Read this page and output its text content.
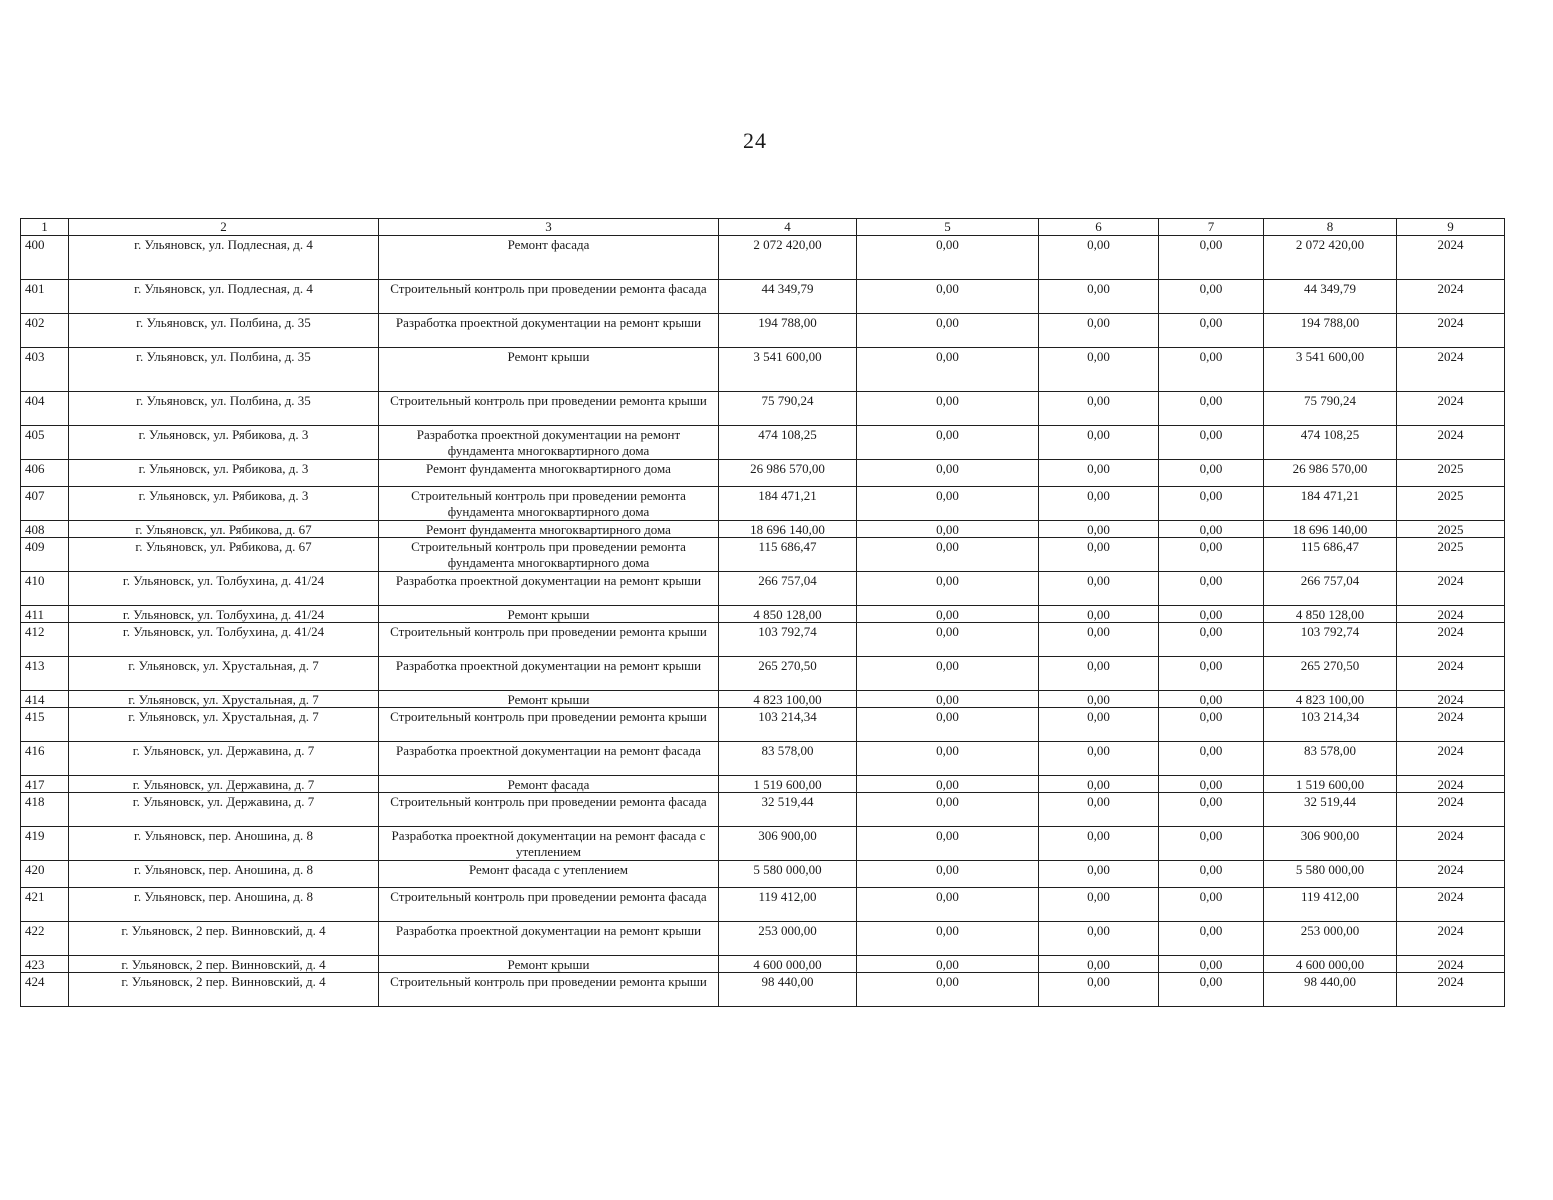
24
1	2	3	4	5	6	7	8	9
400	г. Ульяновск, ул. Подлесная, д. 4	Ремонт фасада	2 072 420,00	0,00	0,00	0,00	2 072 420,00	2024
401	г. Ульяновск, ул. Подлесная, д. 4	Строительный контроль при проведении ремонта фасада	44 349,79	0,00	0,00	0,00	44 349,79	2024
402	г. Ульяновск, ул. Полбина, д. 35	Разработка проектной документации на ремонт крыши	194 788,00	0,00	0,00	0,00	194 788,00	2024
403	г. Ульяновск, ул. Полбина, д. 35	Ремонт крыши	3 541 600,00	0,00	0,00	0,00	3 541 600,00	2024
404	г. Ульяновск, ул. Полбина, д. 35	Строительный контроль при проведении ремонта крыши	75 790,24	0,00	0,00	0,00	75 790,24	2024
405	г. Ульяновск, ул. Рябикова, д. 3	Разработка проектной документации на ремонт фундамента многоквартирного дома	474 108,25	0,00	0,00	0,00	474 108,25	2024
406	г. Ульяновск, ул. Рябикова, д. 3	Ремонт фундамента многоквартирного дома	26 986 570,00	0,00	0,00	0,00	26 986 570,00	2025
407	г. Ульяновск, ул. Рябикова, д. 3	Строительный контроль при проведении ремонта фундамента многоквартирного дома	184 471,21	0,00	0,00	0,00	184 471,21	2025
408	г. Ульяновск, ул. Рябикова, д. 67	Ремонт фундамента многоквартирного дома	18 696 140,00	0,00	0,00	0,00	18 696 140,00	2025
409	г. Ульяновск, ул. Рябикова, д. 67	Строительный контроль при проведении ремонта фундамента многоквартирного дома	115 686,47	0,00	0,00	0,00	115 686,47	2025
410	г. Ульяновск, ул. Толбухина, д. 41/24	Разработка проектной документации на ремонт крыши	266 757,04	0,00	0,00	0,00	266 757,04	2024
411	г. Ульяновск, ул. Толбухина, д. 41/24	Ремонт крыши	4 850 128,00	0,00	0,00	0,00	4 850 128,00	2024
412	г. Ульяновск, ул. Толбухина, д. 41/24	Строительный контроль при проведении ремонта крыши	103 792,74	0,00	0,00	0,00	103 792,74	2024
413	г. Ульяновск, ул. Хрустальная, д. 7	Разработка проектной документации на ремонт крыши	265 270,50	0,00	0,00	0,00	265 270,50	2024
414	г. Ульяновск, ул. Хрустальная, д. 7	Ремонт крыши	4 823 100,00	0,00	0,00	0,00	4 823 100,00	2024
415	г. Ульяновск, ул. Хрустальная, д. 7	Строительный контроль при проведении ремонта крыши	103 214,34	0,00	0,00	0,00	103 214,34	2024
416	г. Ульяновск, ул. Державина, д. 7	Разработка проектной документации на ремонт фасада	83 578,00	0,00	0,00	0,00	83 578,00	2024
417	г. Ульяновск, ул. Державина, д. 7	Ремонт фасада	1 519 600,00	0,00	0,00	0,00	1 519 600,00	2024
418	г. Ульяновск, ул. Державина, д. 7	Строительный контроль при проведении ремонта фасада	32 519,44	0,00	0,00	0,00	32 519,44	2024
419	г. Ульяновск, пер. Аношина, д. 8	Разработка проектной документации на ремонт фасада с утеплением	306 900,00	0,00	0,00	0,00	306 900,00	2024
420	г. Ульяновск, пер. Аношина, д. 8	Ремонт фасада с утеплением	5 580 000,00	0,00	0,00	0,00	5 580 000,00	2024
421	г. Ульяновск, пер. Аношина, д. 8	Строительный контроль при проведении ремонта фасада	119 412,00	0,00	0,00	0,00	119 412,00	2024
422	г. Ульяновск, 2 пер. Винновский, д. 4	Разработка проектной документации на ремонт крыши	253 000,00	0,00	0,00	0,00	253 000,00	2024
423	г. Ульяновск, 2 пер. Винновский, д. 4	Ремонт крыши	4 600 000,00	0,00	0,00	0,00	4 600 000,00	2024
424	г. Ульяновск, 2 пер. Винновский, д. 4	Строительный контроль при проведении ремонта крыши	98 440,00	0,00	0,00	0,00	98 440,00	2024
